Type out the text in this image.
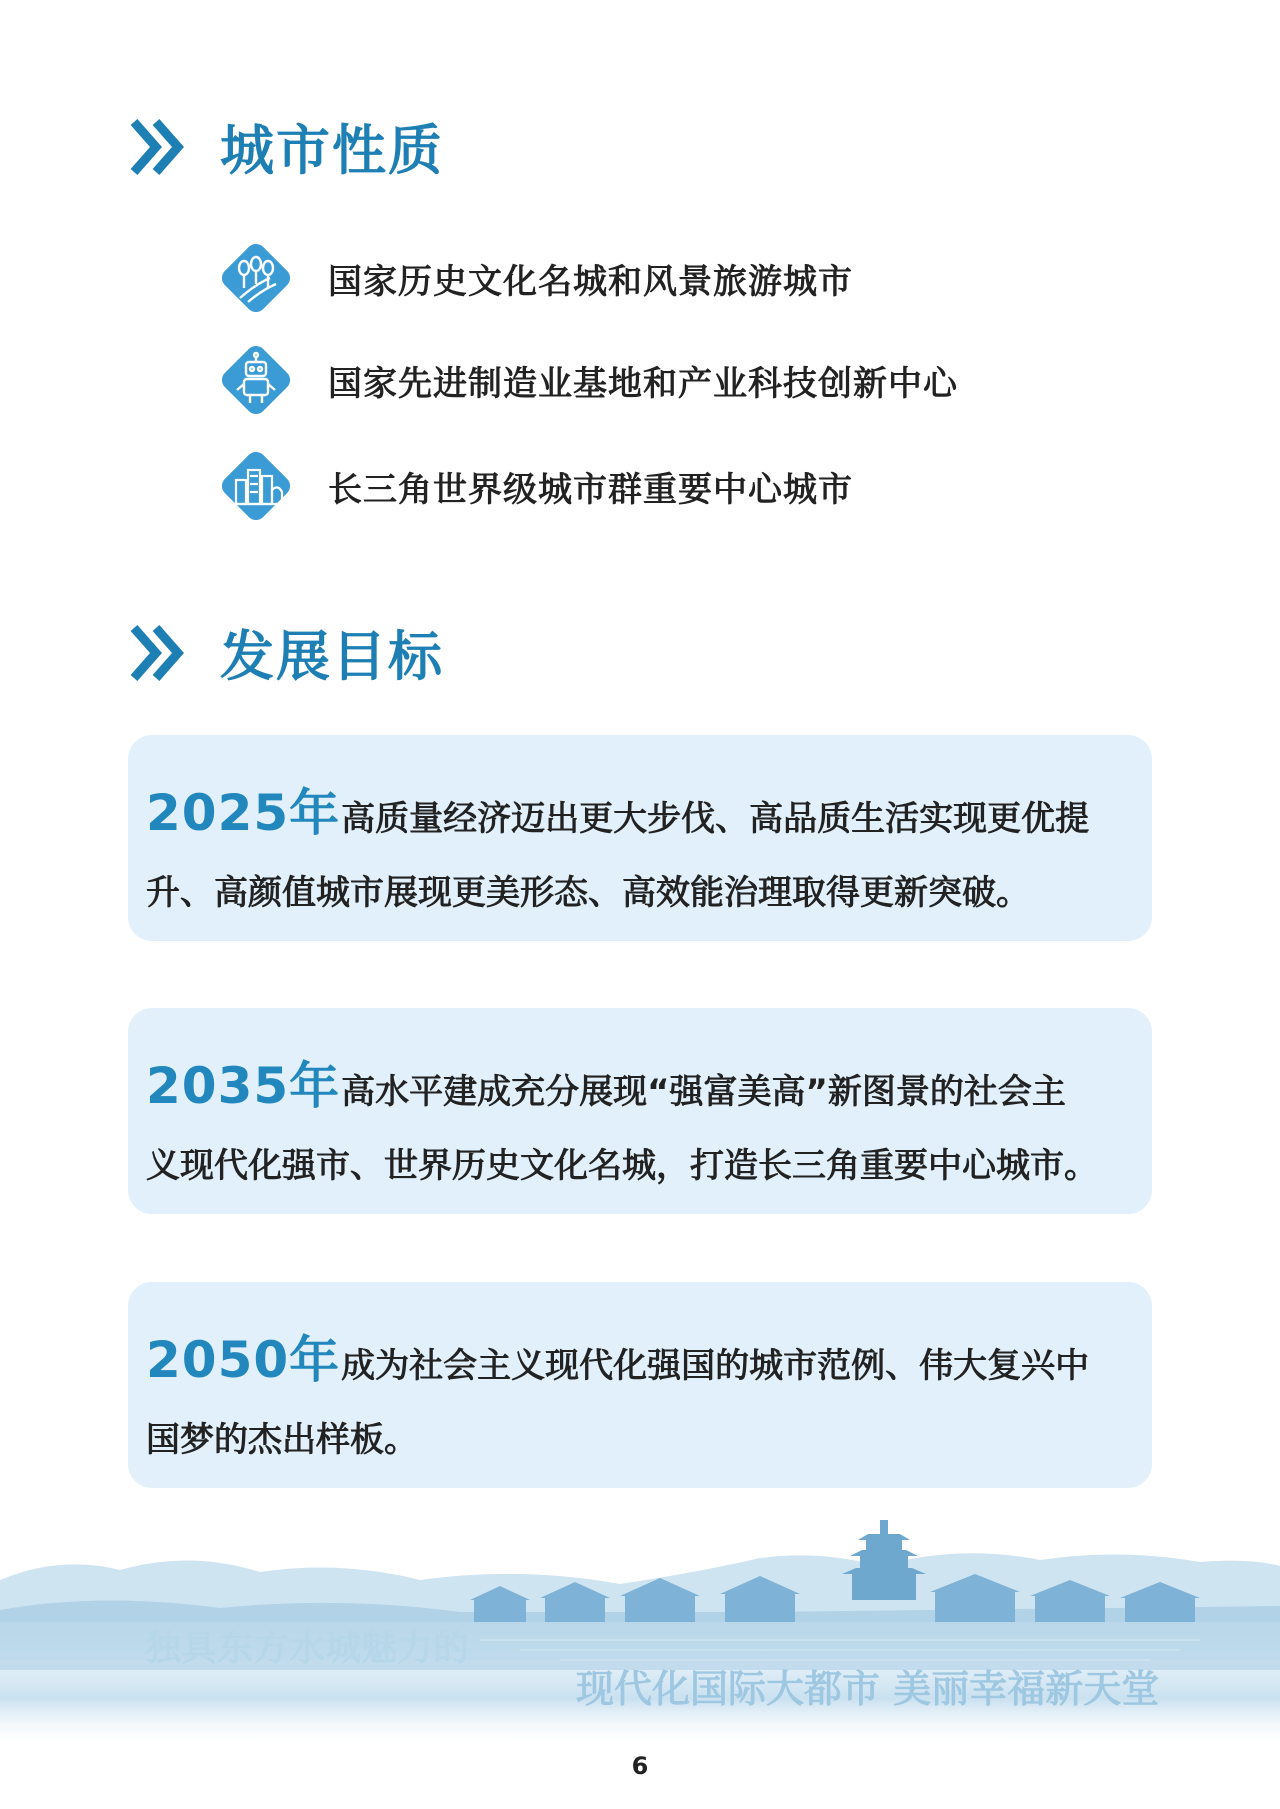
城市性质
国家历史文化名城和风景旅游城市
国家先进制造业基地和产业科技创新中心
长三角世界级城市群重要中心城市
发展目标
2025 年 高质量经济迈出更大步伐、高品质生活实现更优提
升、高颜值城市展现更美形态、高效能治理取得更新突破。
2035 年 高水平建成充分展现“强富美高”新图景的社会主
义现代化强市、世界历史文化名城，打造长三角重要中心城市。
2050 年 成为社会主义现代化强国的城市范例、伟大复兴中
国梦的杰出样板。
独具东方水城魅力的
现代化国际大都市 美丽幸福新天堂
6
